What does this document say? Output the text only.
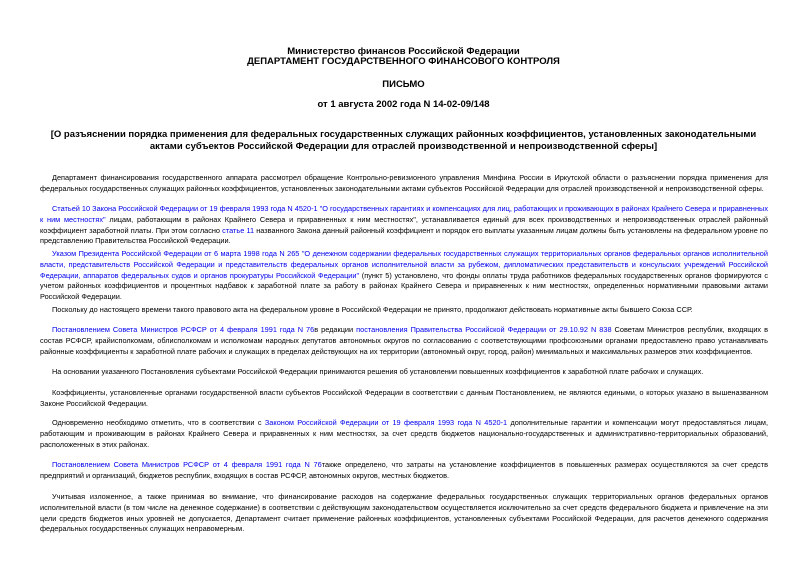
Министерство финансов Российской Федерации
ДЕПАРТАМЕНТ ГОСУДАРСТВЕННОГО ФИНАНСОВОГО КОНТРОЛЯ
ПИСЬМО
от 1 августа 2002 года N 14-02-09/148
[О разъяснении порядка применения для федеральных государственных служащих районных коэффициентов, установленных законодательными актами субъектов Российской Федерации для отраслей производственной и непроизводственной сферы]

Департамент финансирования государственного аппарата рассмотрел обращение Контрольно-ревизионного управления Минфина России в Иркутской области о разъяснении порядка применения для федеральных государственных служащих районных коэффициентов, установленных законодательными актами субъектов Российской Федерации для отраслей производственной и непроизводственной сферы.

Статьей 10 Закона Российской Федерации от 19 февраля 1993 года N 4520-1 "О государственных гарантиях и компенсациях для лиц, работающих и проживающих в районах Крайнего Севера и приравненных к ним местностях" лицам, работающим в районах Крайнего Севера и приравненных к ним местностях", устанавливается единый для всех производственных и непроизводственных отраслей районный коэффициент заработной платы. При этом согласно статье 11 названного Закона данный районный коэффициент и порядок его выплаты указанным лицам должны быть установлены на федеральном уровне по представлению Правительства Российской Федерации.

Указом Президента Российской Федерации от 6 марта 1998 года N 265 "О денежном содержании федеральных государственных служащих территориальных органов федеральных органов исполнительной власти, представительств Российской Федерации и представительств федеральных органов исполнительной власти за рубежом, дипломатических представительств и консульских учреждений Российской Федерации, аппаратов федеральных судов и органов прокуратуры Российской Федерации" (пункт 5) установлено, что фонды оплаты труда работников федеральных государственных органов формируются с учетом районных коэффициентов и процентных надбавок к заработной плате за работу в районах Крайнего Севера и приравненных к ним местностях, определенных нормативными правовыми актами Российской Федерации.

Поскольку до настоящего времени такого правового акта на федеральном уровне в Российской Федерации не принято, продолжают действовать нормативные акты бывшего Союза ССР.

Постановлением Совета Министров РСФСР от 4 февраля 1991 года N 76в редакции постановления Правительства Российской Федерации от 29.10.92 N 838 Советам Министров республик, входящих в состав РСФСР, крайисполкомам, облисполкомам и исполкомам народных депутатов автономных округов по согласованию с соответствующими профсоюзными органами предоставлено право устанавливать районные коэффициенты к заработной плате рабочих и служащих в пределах действующих на их территории (автономный округ, город, район) минимальных и максимальных размеров этих коэффициентов.

На основании указанного Постановления субъектами Российской Федерации принимаются решения об установлении повышенных коэффициентов к заработной плате рабочих и служащих.

Коэффициенты, установленные органами государственной власти субъектов Российской Федерации в соответствии с данным Постановлением, не являются едиными, о которых указано в вышеназванном Законе Российской Федерации.

Одновременно необходимо отметить, что в соответствии с Законом Российской Федерации от 19 февраля 1993 года N 4520-1 дополнительные гарантии и компенсации могут предоставляться лицам, работающим и проживающим в районах Крайнего Севера и приравненных к ним местностях, за счет средств бюджетов национально-государственных и административно-территориальных образований, расположенных в этих районах.

Постановлением Совета Министров РСФСР от 4 февраля 1991 года N 76также определено, что затраты на установление коэффициентов в повышенных размерах осуществляются за счет средств предприятий и организаций, бюджетов республик, входящих в состав РСФСР, автономных округов, местных бюджетов.

Учитывая изложенное, а также принимая во внимание, что финансирование расходов на содержание федеральных государственных служащих территориальных органов федеральных органов исполнительной власти (в том числе на денежное содержание) в соответствии с действующим законодательством осуществляется исключительно за счет средств федерального бюджета и привлечение на эти цели средств бюджетов иных уровней не допускается, Департамент считает применение районных коэффициентов, установленных субъектами Российской Федерации, для расчетов денежного содержания федеральных государственных служащих неправомерным.
